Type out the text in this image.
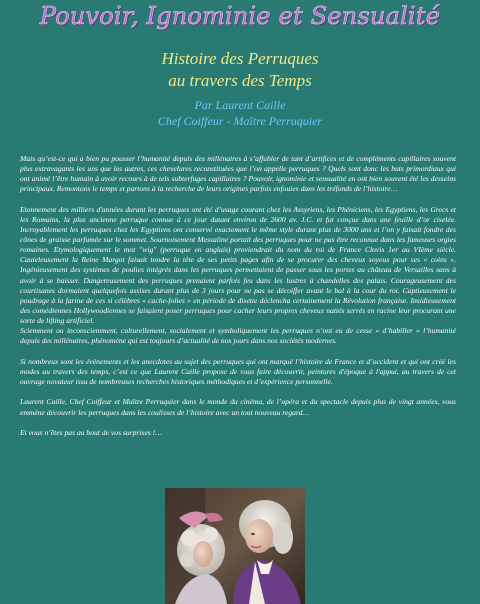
Pouvoir, Ignominie et Sensualité
Histoire des Perruques
au travers des Temps
Par Laurent Caille
Chef Coiffeur - Maître Perruquier

Mais qu’est-ce qui a bien pu pousser l’humanité depuis des millénaires à s’affubler de tant d’artifices et de compléments capillaires souvent plus extravagants les uns que les autres, ces chevelures reconstituées que l’on appelle perruques ? Quels sont donc les buts primordiaux qui ont animé l’être humain à avoir recours à de tels subterfuges capillaires ? Pouvoir, ignominie et sensualité en ont bien souvent été les desseins principaux. Remontons le temps et partons à la recherche de leurs origines parfois enfouies dans les tréfonds de l’histoire…

Etonnement des milliers d'années durant les perruques ont été d’usage courant chez les Assyriens, les Phéniciens, les Egyptiens, les Grecs et les Romains, la plus ancienne perruque connue à ce jour datant environ de 2600 av. J.C. et fut conçue dans une feuille d’or ciselée. Incroyablement les perruques chez les Egyptiens ont conservé exactement le même style durant plus de 3000 ans et l’on y faisait fondre des cônes de graisse parfumée sur le sommet. Sournoisement Messaline portait des perruques pour ne pas être reconnue dans les fameuses orgies romaines. Etymologiquement le mot "wig" (perruque en anglais) proviendrait du nom du roi de France Clovis 1er au VIème siècle. Cauteleusement la Reine Margot faisait tondre la tête de ses petits pages afin de se procurer des cheveux soyeux pour ses « coins ». Ingénieusement des systèmes de poulies intégrés dans les perruques permettaient de passer sous les portes au château de Versailles sans à avoir à se baisser. Dangereusement des perruques prenaient parfois feu dans les lustres à chandelles des palais. Courageusement des courtisanes dormaient quelquefois assises durant plus de 3 jours pour ne pas se décoiffer avant le bal à la cour du roi. Captieusement le poudrage à la farine de ces si célèbres « cache-folies » en période de disette déclencha certainement la Révolution française. Insidieusement des comédiennes Hollywoodiennes se faisaient poser perruques pour cacher leurs propres cheveux nattés serrés en racine leur procurant une sorte de lifting artificiel.

Sciemment ou inconsciemment, culturellement, socialement et symboliquement les perruques n’ont eu de cesse « d’habiller » l’humanité depuis des millénaires, phénomène qui est toujours d’actualité de nos jours dans nos sociétés modernes.

Si nombreux sont les événements et les anecdotes au sujet des perruques qui ont marqué l’histoire de France et d’occident et qui ont créé les modes au travers des temps, c’est ce que Laurent Caille propose de vous faire découvrir, peintures d'époque à l'appui, au travers de cet ouvrage novateur issu de nombreuses recherches historiques méthodiques et d’expérience personnelle.

Laurent Caille, Chef Coiffeur et Maître Perruquier dans le monde du cinéma, de l’opéra et du spectacle depuis plus de vingt années, vous emmène découvrir les perruques dans les coulisses de l’histoire avec un tout nouveau regard…

Et vous n’êtes pas au bout de vos surprises !…
